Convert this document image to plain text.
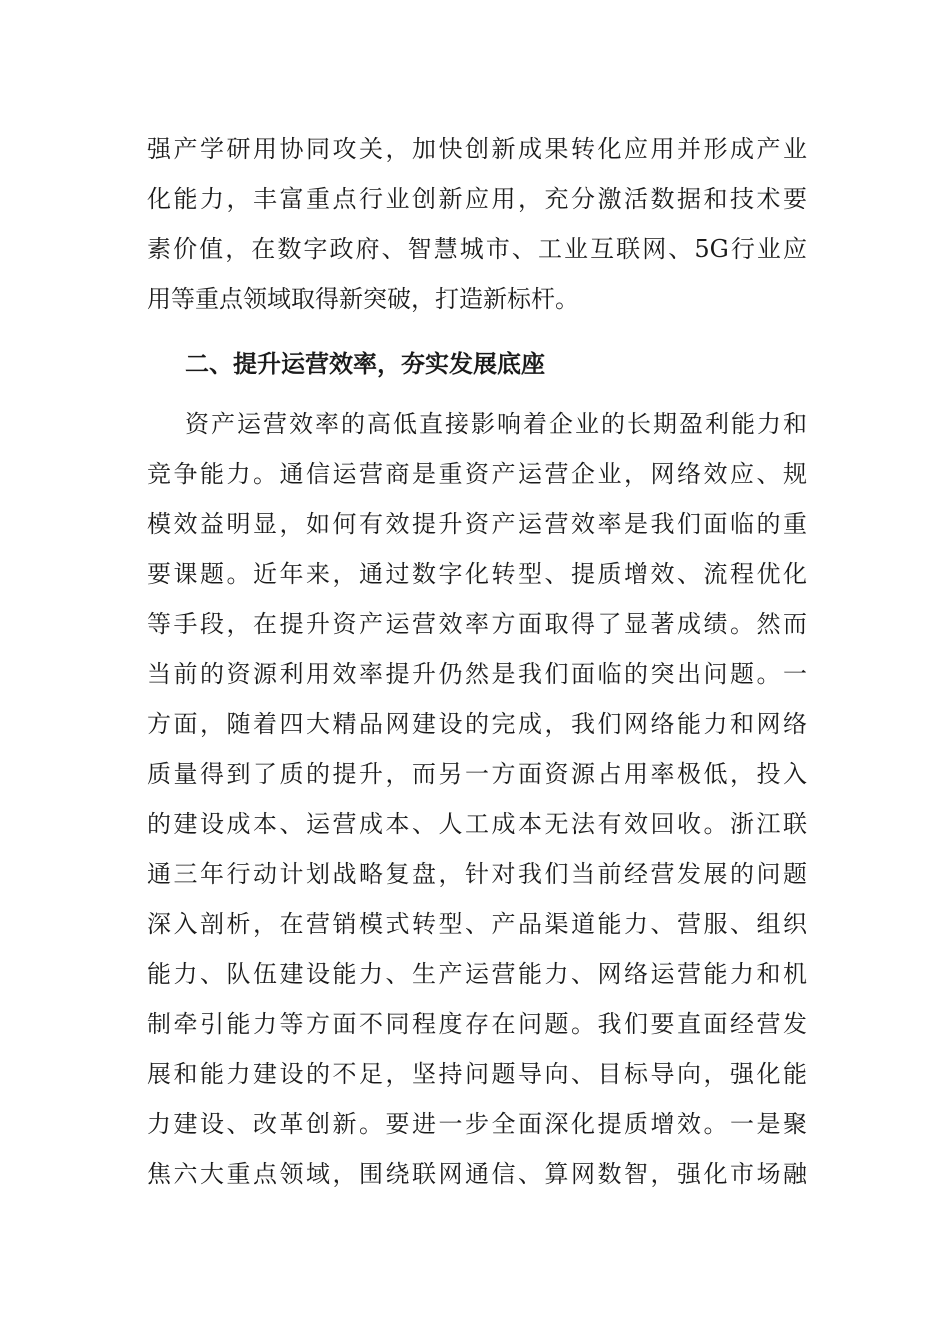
强产学研用协同攻关，加快创新成果转化应用并形成产业
化能力，丰富重点行业创新应用，充分激活数据和技术要
素价值，在数字政府、智慧城市、工业互联网、5G行业应
用等重点领域取得新突破，打造新标杆。
二、提升运营效率，夯实发展底座
资产运营效率的高低直接影响着企业的长期盈利能力和
竞争能力。通信运营商是重资产运营企业，网络效应、规
模效益明显，如何有效提升资产运营效率是我们面临的重
要课题。近年来，通过数字化转型、提质增效、流程优化
等手段，在提升资产运营效率方面取得了显著成绩。然而
当前的资源利用效率提升仍然是我们面临的突出问题。一
方面，随着四大精品网建设的完成，我们网络能力和网络
质量得到了质的提升，而另一方面资源占用率极低，投入
的建设成本、运营成本、人工成本无法有效回收。浙江联
通三年行动计划战略复盘，针对我们当前经营发展的问题
深入剖析，在营销模式转型、产品渠道能力、营服、组织
能力、队伍建设能力、生产运营能力、网络运营能力和机
制牵引能力等方面不同程度存在问题。我们要直面经营发
展和能力建设的不足，坚持问题导向、目标导向，强化能
力建设、改革创新。要进一步全面深化提质增效。一是聚
焦六大重点领域，围绕联网通信、算网数智，强化市场融
